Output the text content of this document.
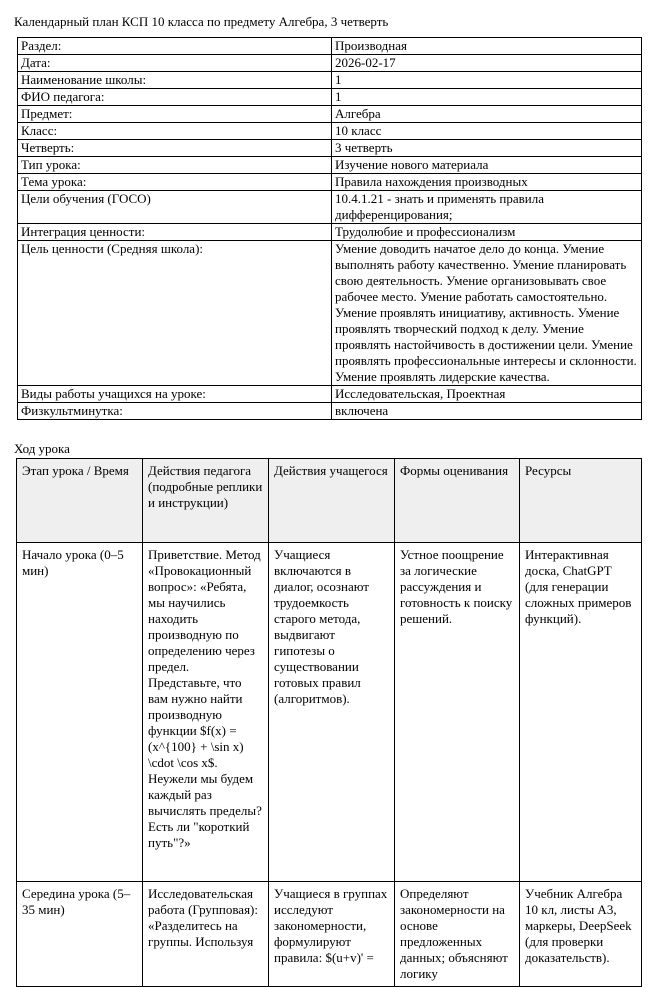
Календарный план КСП 10 класса по предмету Алгебра, 3 четверть
Раздел:	Производная
Дата:	2026-02-17
Наименование школы:	1
ФИО педагога:	1
Предмет:	Алгебра
Класс:	10 класс
Четверть:	3 четверть
Тип урока:	Изучение нового материала
Тема урока:	Правила нахождения производных
Цели обучения (ГОСО)	10.4.1.21 - знать и применять правила дифференцирования;
Интеграция ценности:	Трудолюбие и профессионализм
Цель ценности (Средняя школа):	Умение доводить начатое дело до конца. Умение выполнять работу качественно. Умение планировать свою деятельность. Умение организовывать свое рабочее место. Умение работать самостоятельно. Умение проявлять инициативу, активность. Умение проявлять творческий подход к делу. Умение проявлять настойчивость в достижении цели. Умение проявлять профессиональные интересы и склонности. Умение проявлять лидерские качества.
Виды работы учащихся на уроке:	Исследовательская, Проектная
Физкультминутка:	включена
Ход урока
Этап урока / Время	Действия педагога (подробные реплики и инструкции)	Действия учащегося	Формы оценивания	Ресурсы
Начало урока (0–5 мин)	Приветствие. Метод «Провокационный вопрос»: «Ребята, мы научились находить производную по определению через предел. Представьте, что вам нужно найти производную функции $f(x) = (x^{100} + \sin x) \cdot \cos x$. Неужели мы будем каждый раз вычислять пределы? Есть ли "короткий путь"?»	Учащиеся включаются в диалог, осознают трудоемкость старого метода, выдвигают гипотезы о существовании готовых правил (алгоритмов).	Устное поощрение за логические рассуждения и готовность к поиску решений.	Интерактивная доска, ChatGPT (для генерации сложных примеров функций).
Середина урока (5–35 мин)	Исследовательская работа (Групповая): «Разделитесь на группы. Используя	Учащиеся в группах исследуют закономерности, формулируют правила: $(u+v)' =	Определяют закономерности на основе предложенных данных; объясняют логику	Учебник Алгебра 10 кл, листы А3, маркеры, DeepSeek (для проверки доказательств).
